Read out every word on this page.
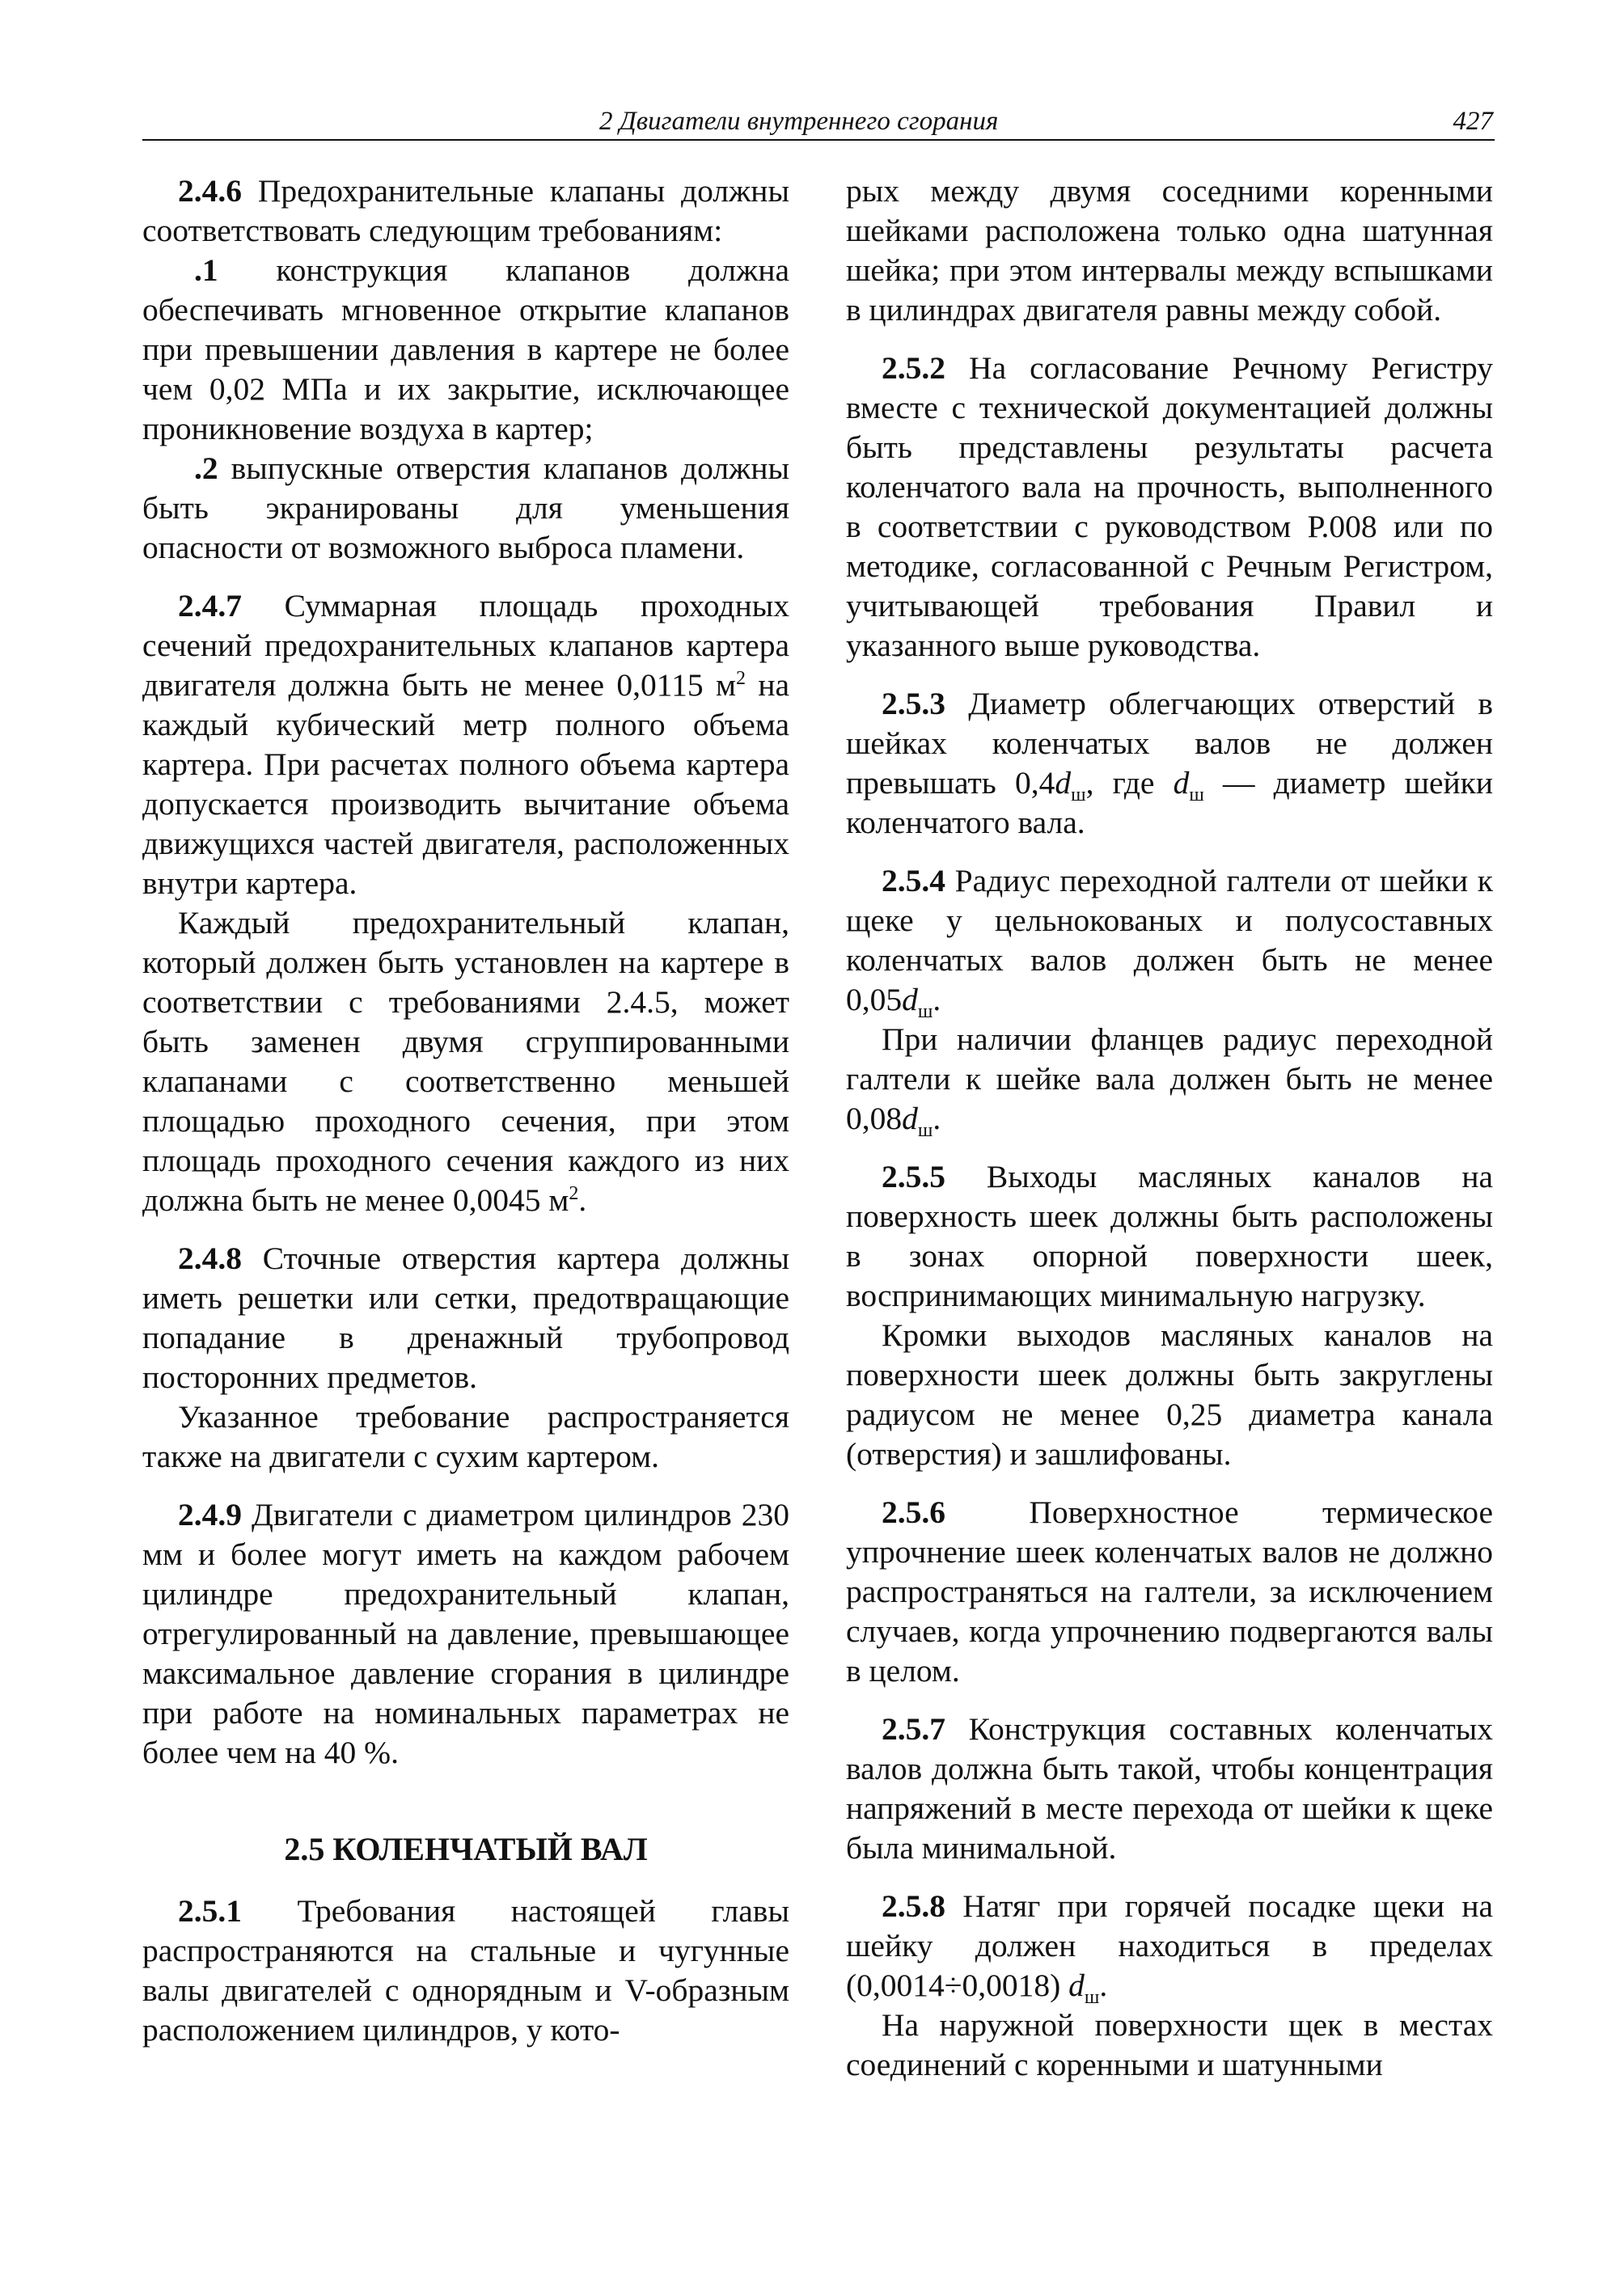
2 Двигатели внутреннего сгорания	427

2.4.6 Предохранительные клапаны должны соответствовать следующим требованиям:

.1 конструкция клапанов должна обеспечивать мгновенное открытие клапанов при превышении давления в картере не более чем 0,02 МПа и их закрытие, исключающее проникновение воздуха в картер;

.2 выпускные отверстия клапанов должны быть экранированы для уменьшения опасности от возможного выброса пламени.

2.4.7 Суммарная площадь проходных сечений предохранительных клапанов картера двигателя должна быть не менее 0,0115 $м^2$ на каждый кубический метр полного объема картера. При расчетах полного объема картера допускается производить вычитание объема движущихся частей двигателя, расположенных внутри картера.

Каждый предохранительный клапан, который должен быть установлен на картере в соответствии с требованиями 2.4.5, может быть заменен двумя сгруппированными клапанами с соответственно меньшей площадью проходного сечения, при этом площадь проходного сечения каждого из них должна быть не менее 0,0045 $м^2$.

2.4.8 Сточные отверстия картера должны иметь решетки или сетки, предотвращающие попадание в дренажный трубопровод посторонних предметов.

Указанное требование распространяется также на двигатели с сухим картером.

2.4.9 Двигатели с диаметром цилиндров 230 мм и более могут иметь на каждом рабочем цилиндре предохранительный клапан, отрегулированный на давление, превышающее максимальное давление сгорания в цилиндре при работе на номинальных параметрах не более чем на 40 %.

2.5 КОЛЕНЧАТЫЙ ВАЛ

2.5.1 Требования настоящей главы распространяются на стальные и чугунные валы двигателей с однорядным и V-образным расположением цилиндров, у кото-

рых между двумя соседними коренными шейками расположена только одна шатунная шейка; при этом интервалы между вспышками в цилиндрах двигателя равны между собой.

2.5.2 На согласование Речному Регистру вместе с технической документацией должны быть представлены результаты расчета коленчатого вала на прочность, выполненного в соответствии с руководством Р.008 или по методике, согласованной с Речным Регистром, учитывающей требования Правил и указанного выше руководства.

2.5.3 Диаметр облегчающих отверстий в шейках коленчатых валов не должен превышать $0,4d_ш$, где $d_ш$ — диаметр шейки коленчатого вала.

2.5.4 Радиус переходной галтели от шейки к щеке у цельнокованых и полусоставных коленчатых валов должен быть не менее $0,05d_ш$.

При наличии фланцев радиус переходной галтели к шейке вала должен быть не менее $0,08d_ш$.

2.5.5 Выходы масляных каналов на поверхность шеек должны быть расположены в зонах опорной поверхности шеек, воспринимающих минимальную нагрузку.

Кромки выходов масляных каналов на поверхности шеек должны быть закруглены радиусом не менее 0,25 диаметра канала (отверстия) и зашлифованы.

2.5.6	Поверхностное термическое упрочнение шеек коленчатых валов не должно распространяться на галтели, за исключением случаев, когда упрочнению подвергаются валы в целом.

2.5.7 Конструкция составных коленчатых валов должна быть такой, чтобы концентрация напряжений в месте перехода от шейки к щеке была минимальной.

2.5.8 Натяг при горячей посадке щеки на шейку должен находиться в пределах (0,0014÷0,0018) $d_ш$.

На наружной поверхности щек в местах соединений с коренными и шатунными
